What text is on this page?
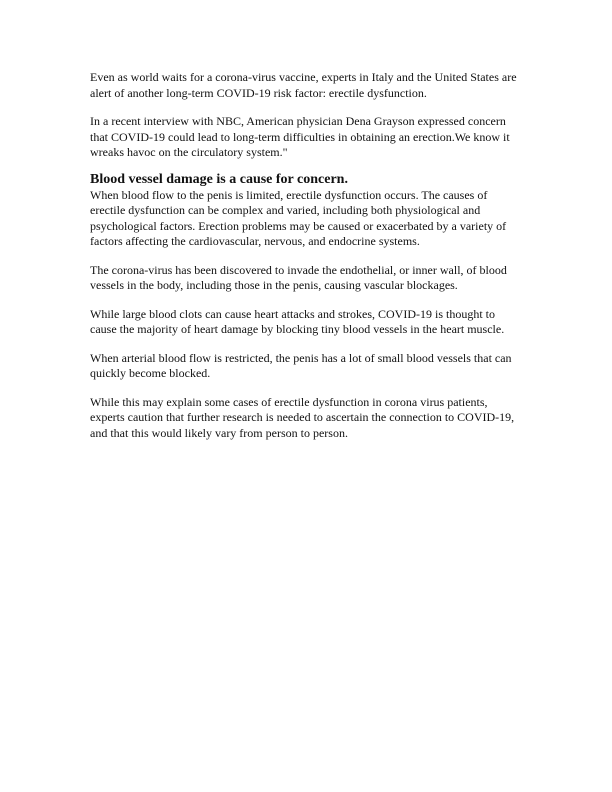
Even as world waits for a corona-virus vaccine, experts in Italy and the United States are
alert of another long-term COVID-19 risk factor: erectile dysfunction.

In a recent interview with NBC, American physician Dena Grayson expressed concern
that COVID-19 could lead to long-term difficulties in obtaining an erection.We know it
wreaks havoc on the circulatory system."

Blood vessel damage is a cause for concern.

When blood flow to the penis is limited, erectile dysfunction occurs. The causes of
erectile dysfunction can be complex and varied, including both physiological and
psychological factors. Erection problems may be caused or exacerbated by a variety of
factors affecting the cardiovascular, nervous, and endocrine systems.

The corona-virus has been discovered to invade the endothelial, or inner wall, of blood
vessels in the body, including those in the penis, causing vascular blockages.

While large blood clots can cause heart attacks and strokes, COVID-19 is thought to
cause the majority of heart damage by blocking tiny blood vessels in the heart muscle.

When arterial blood flow is restricted, the penis has a lot of small blood vessels that can
quickly become blocked.

While this may explain some cases of erectile dysfunction in corona virus patients,
experts caution that further research is needed to ascertain the connection to COVID-19,
and that this would likely vary from person to person.
